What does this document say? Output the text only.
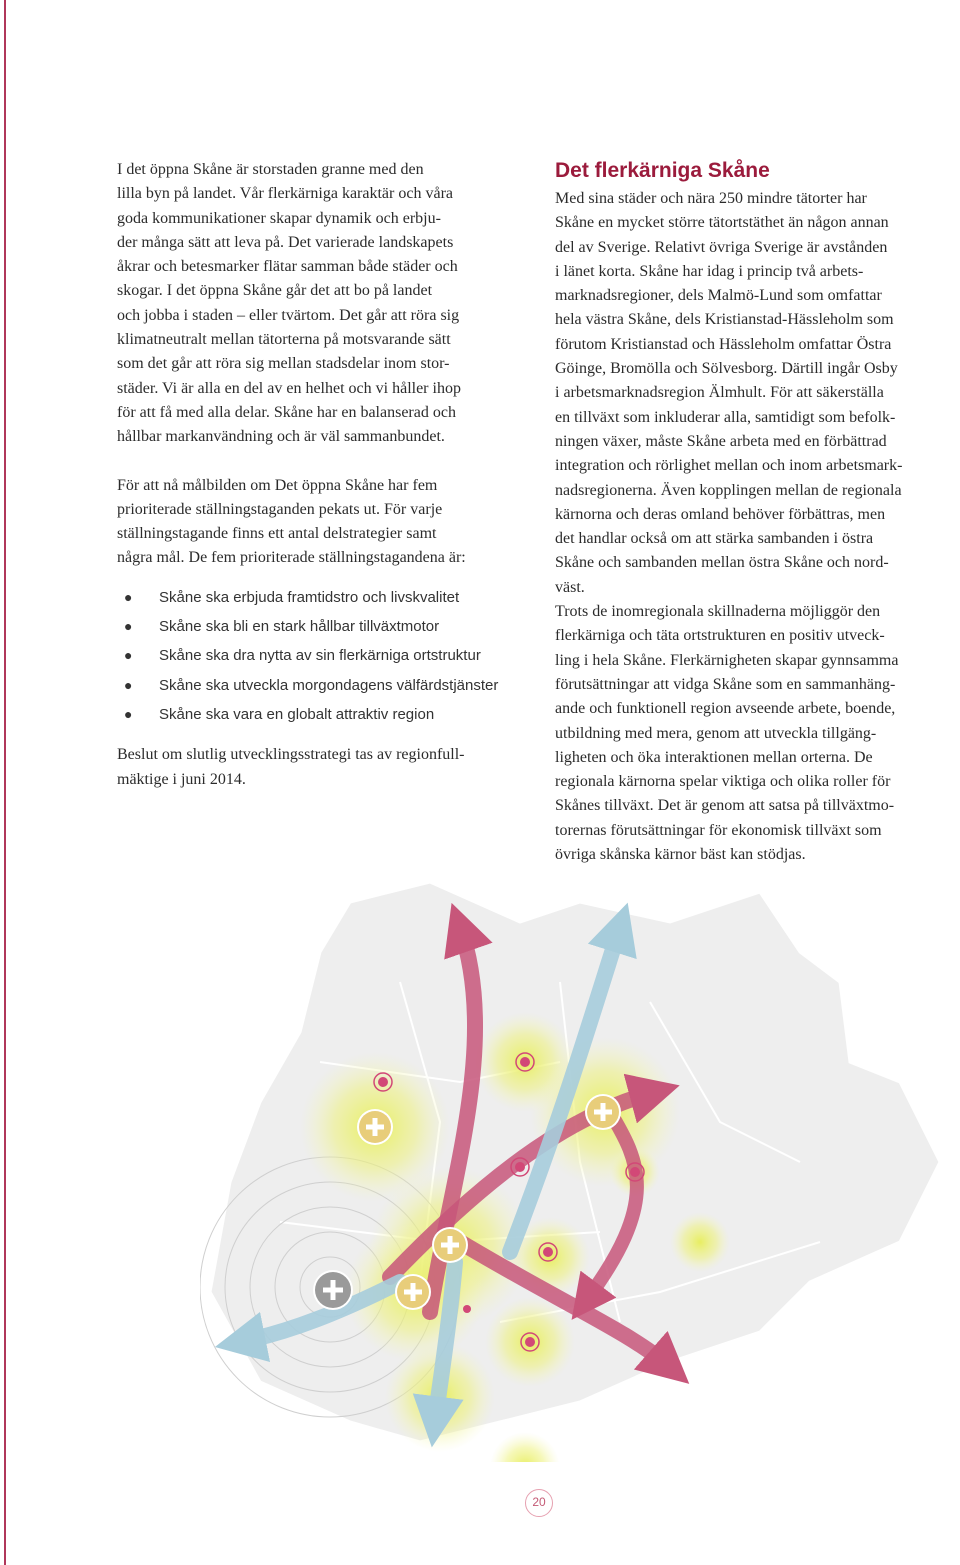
I det öppna Skåne är storstaden granne med den
lilla byn på landet. Vår flerkärniga karaktär och våra
goda kommunikationer skapar dynamik och erbju-
der många sätt att leva på. Det varierade landskapets
åkrar och betesmarker flätar samman både städer och
skogar. I det öppna Skåne går det att bo på landet
och jobba i staden – eller tvärtom. Det går att röra sig
klimatneutralt mellan tätorterna på motsvarande sätt
som det går att röra sig mellan stadsdelar inom stor-
städer. Vi är alla en del av en helhet och vi håller ihop
för att få med alla delar. Skåne har en balanserad och
hållbar markanvändning och är väl sammanbundet.

För att nå målbilden om Det öppna Skåne har fem
prioriterade ställningstaganden pekats ut. För varje
ställningstagande finns ett antal delstrategier samt
några mål. De fem prioriterade ställningstagandena är:

● Skåne ska erbjuda framtidstro och livskvalitet
● Skåne ska bli en stark hållbar tillväxtmotor
● Skåne ska dra nytta av sin flerkärniga ortstruktur
● Skåne ska utveckla morgondagens välfärdstjänster
● Skåne ska vara en globalt attraktiv region

Beslut om slutlig utvecklingsstrategi tas av regionfull-
mäktige i juni 2014.

Det flerkärniga Skåne

Med sina städer och nära 250 mindre tätorter har
Skåne en mycket större tätortstäthet än någon annan
del av Sverige. Relativt övriga Sverige är avstånden
i länet korta. Skåne har idag i princip två arbets-
marknadsregioner, dels Malmö-Lund som omfattar
hela västra Skåne, dels Kristianstad-Hässleholm som
förutom Kristianstad och Hässleholm omfattar Östra
Göinge, Bromölla och Sölvesborg. Därtill ingår Osby
i arbetsmarknadsregion Älmhult. För att säkerställa
en tillväxt som inkluderar alla, samtidigt som befolk-
ningen växer, måste Skåne arbeta med en förbättrad
integration och rörlighet mellan och inom arbetsmark-
nadsregionerna. Även kopplingen mellan de regionala
kärnorna och deras omland behöver förbättras, men
det handlar också om att stärka sambanden i östra
Skåne och sambanden mellan östra Skåne och nord-
väst.

Trots de inomregionala skillnaderna möjliggör den
flerkärniga och täta ortstrukturen en positiv utveck-
ling i hela Skåne. Flerkärnigheten skapar gynnsamma
förutsättningar att vidga Skåne som en sammanhäng-
ande och funktionell region avseende arbete, boende,
utbildning med mera, genom att utveckla tillgäng-
ligheten och öka interaktionen mellan orterna. De
regionala kärnorna spelar viktiga och olika roller för
Skånes tillväxt. Det är genom att satsa på tillväxtmo-
torernas förutsättningar för ekonomisk tillväxt som
övriga skånska kärnor bäst kan stödjas.

20
